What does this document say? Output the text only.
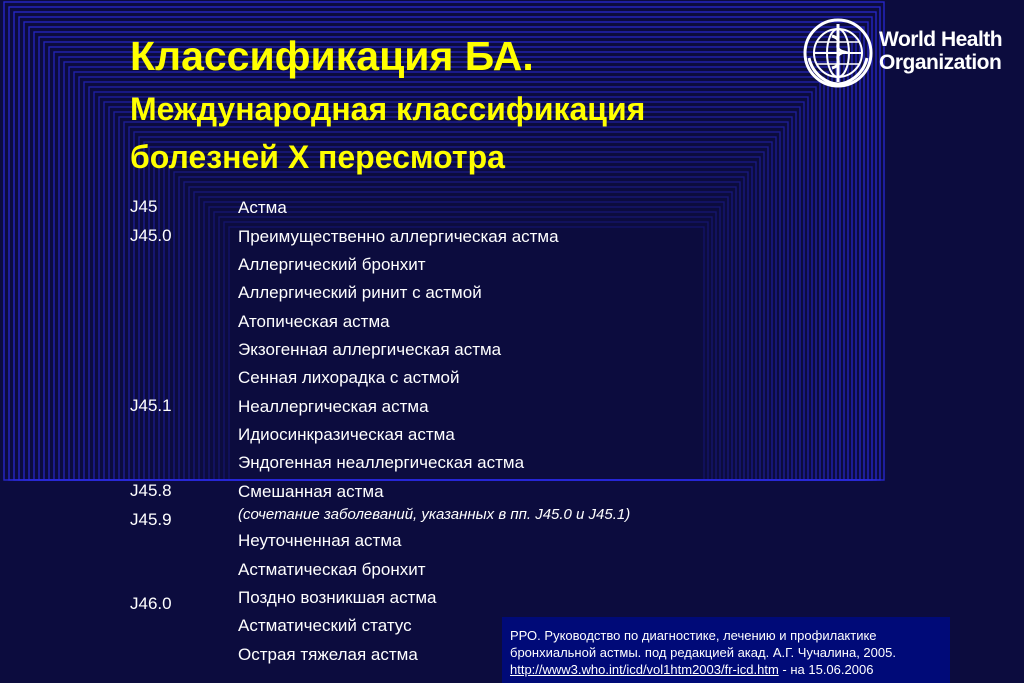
Классификация БА.
Международная классификация
болезней Х пересмотра
World Health
Organization
J45
J45.0
J45.1
J45.8
J45.9
J46.0
Астма
Преимущественно аллергическая астма
Аллергический бронхит
Аллергический ринит с астмой
Атопическая астма
Экзогенная аллергическая астма
Сенная лихорадка с астмой
Неаллергическая астма
Идиосинкразическая астма
Эндогенная неаллергическая астма
Смешанная астма
(сочетание заболеваний, указанных в пп. J45.0 и J45.1)
Неуточненная астма
Астматическая бронхит
Поздно возникшая астма
Астматический статус
Острая тяжелая астма
РРО. Руководство по диагностике, лечению и профилактике
бронхиальной астмы. под редакцией акад. А.Г. Чучалина, 2005.
http://www3.who.int/icd/vol1htm2003/fr-icd.htm - на 15.06.2006
